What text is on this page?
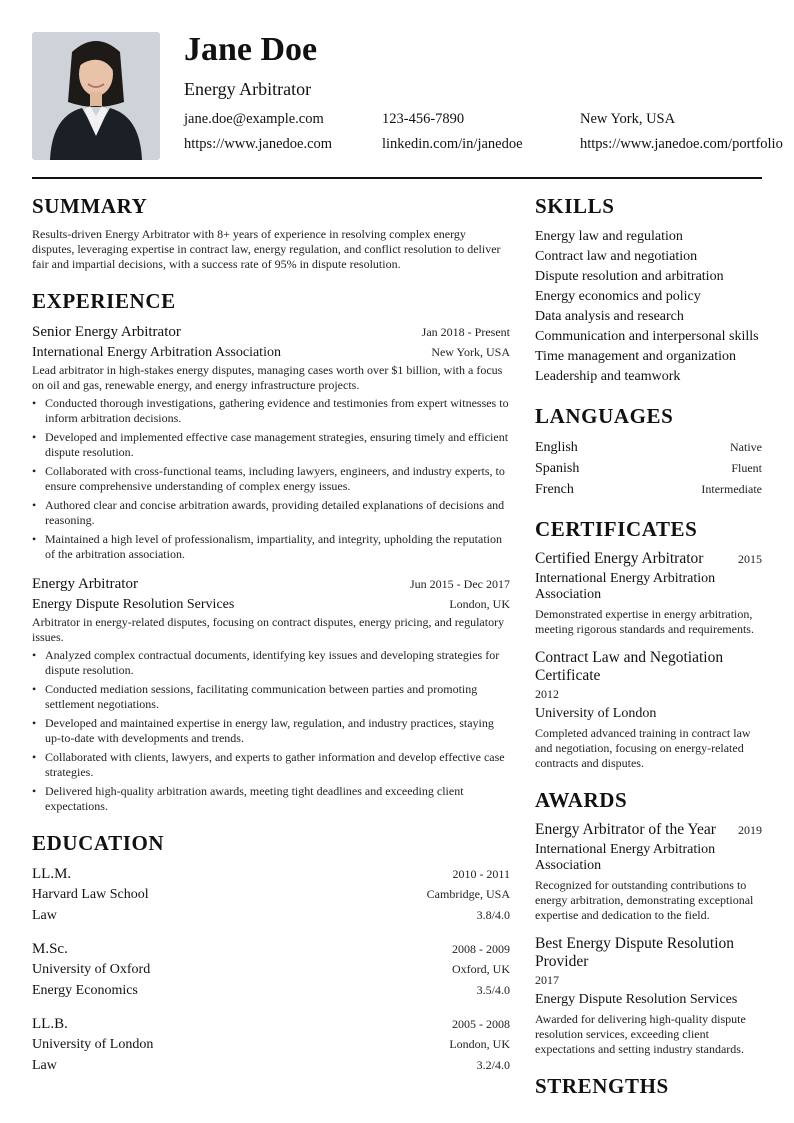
Jane Doe
Energy Arbitrator
jane.doe@example.com	123-456-7890	New York, USA
https://www.janedoe.com	linkedin.com/in/janedoe	https://www.janedoe.com/portfolio
SUMMARY
Results-driven Energy Arbitrator with 8+ years of experience in resolving complex energy disputes, leveraging expertise in contract law, energy regulation, and conflict resolution to deliver fair and impartial decisions, with a success rate of 95% in dispute resolution.
EXPERIENCE
Senior Energy Arbitrator	Jan 2018 - Present
International Energy Arbitration Association	New York, USA
Lead arbitrator in high-stakes energy disputes, managing cases worth over $1 billion, with a focus on oil and gas, renewable energy, and energy infrastructure projects.
• Conducted thorough investigations, gathering evidence and testimonies from expert witnesses to inform arbitration decisions.
• Developed and implemented effective case management strategies, ensuring timely and efficient dispute resolution.
• Collaborated with cross-functional teams, including lawyers, engineers, and industry experts, to ensure comprehensive understanding of complex energy issues.
• Authored clear and concise arbitration awards, providing detailed explanations of decisions and reasoning.
• Maintained a high level of professionalism, impartiality, and integrity, upholding the reputation of the arbitration association.
Energy Arbitrator	Jun 2015 - Dec 2017
Energy Dispute Resolution Services	London, UK
Arbitrator in energy-related disputes, focusing on contract disputes, energy pricing, and regulatory issues.
• Analyzed complex contractual documents, identifying key issues and developing strategies for dispute resolution.
• Conducted mediation sessions, facilitating communication between parties and promoting settlement negotiations.
• Developed and maintained expertise in energy law, regulation, and industry practices, staying up-to-date with developments and trends.
• Collaborated with clients, lawyers, and experts to gather information and develop effective case strategies.
• Delivered high-quality arbitration awards, meeting tight deadlines and exceeding client expectations.
EDUCATION
LL.M.	2010 - 2011
Harvard Law School	Cambridge, USA
Law	3.8/4.0
M.Sc.	2008 - 2009
University of Oxford	Oxford, UK
Energy Economics	3.5/4.0
LL.B.	2005 - 2008
University of London	London, UK
Law	3.2/4.0
SKILLS
Energy law and regulation
Contract law and negotiation
Dispute resolution and arbitration
Energy economics and policy
Data analysis and research
Communication and interpersonal skills
Time management and organization
Leadership and teamwork
LANGUAGES
English	Native
Spanish	Fluent
French	Intermediate
CERTIFICATES
Certified Energy Arbitrator	2015
International Energy Arbitration Association
Demonstrated expertise in energy arbitration, meeting rigorous standards and requirements.
Contract Law and Negotiation Certificate
2012
University of London
Completed advanced training in contract law and negotiation, focusing on energy-related contracts and disputes.
AWARDS
Energy Arbitrator of the Year 2019
International Energy Arbitration Association
Recognized for outstanding contributions to energy arbitration, demonstrating exceptional expertise and dedication to the field.
Best Energy Dispute Resolution Provider
2017
Energy Dispute Resolution Services
Awarded for delivering high-quality dispute resolution services, exceeding client expectations and setting industry standards.
STRENGTHS
